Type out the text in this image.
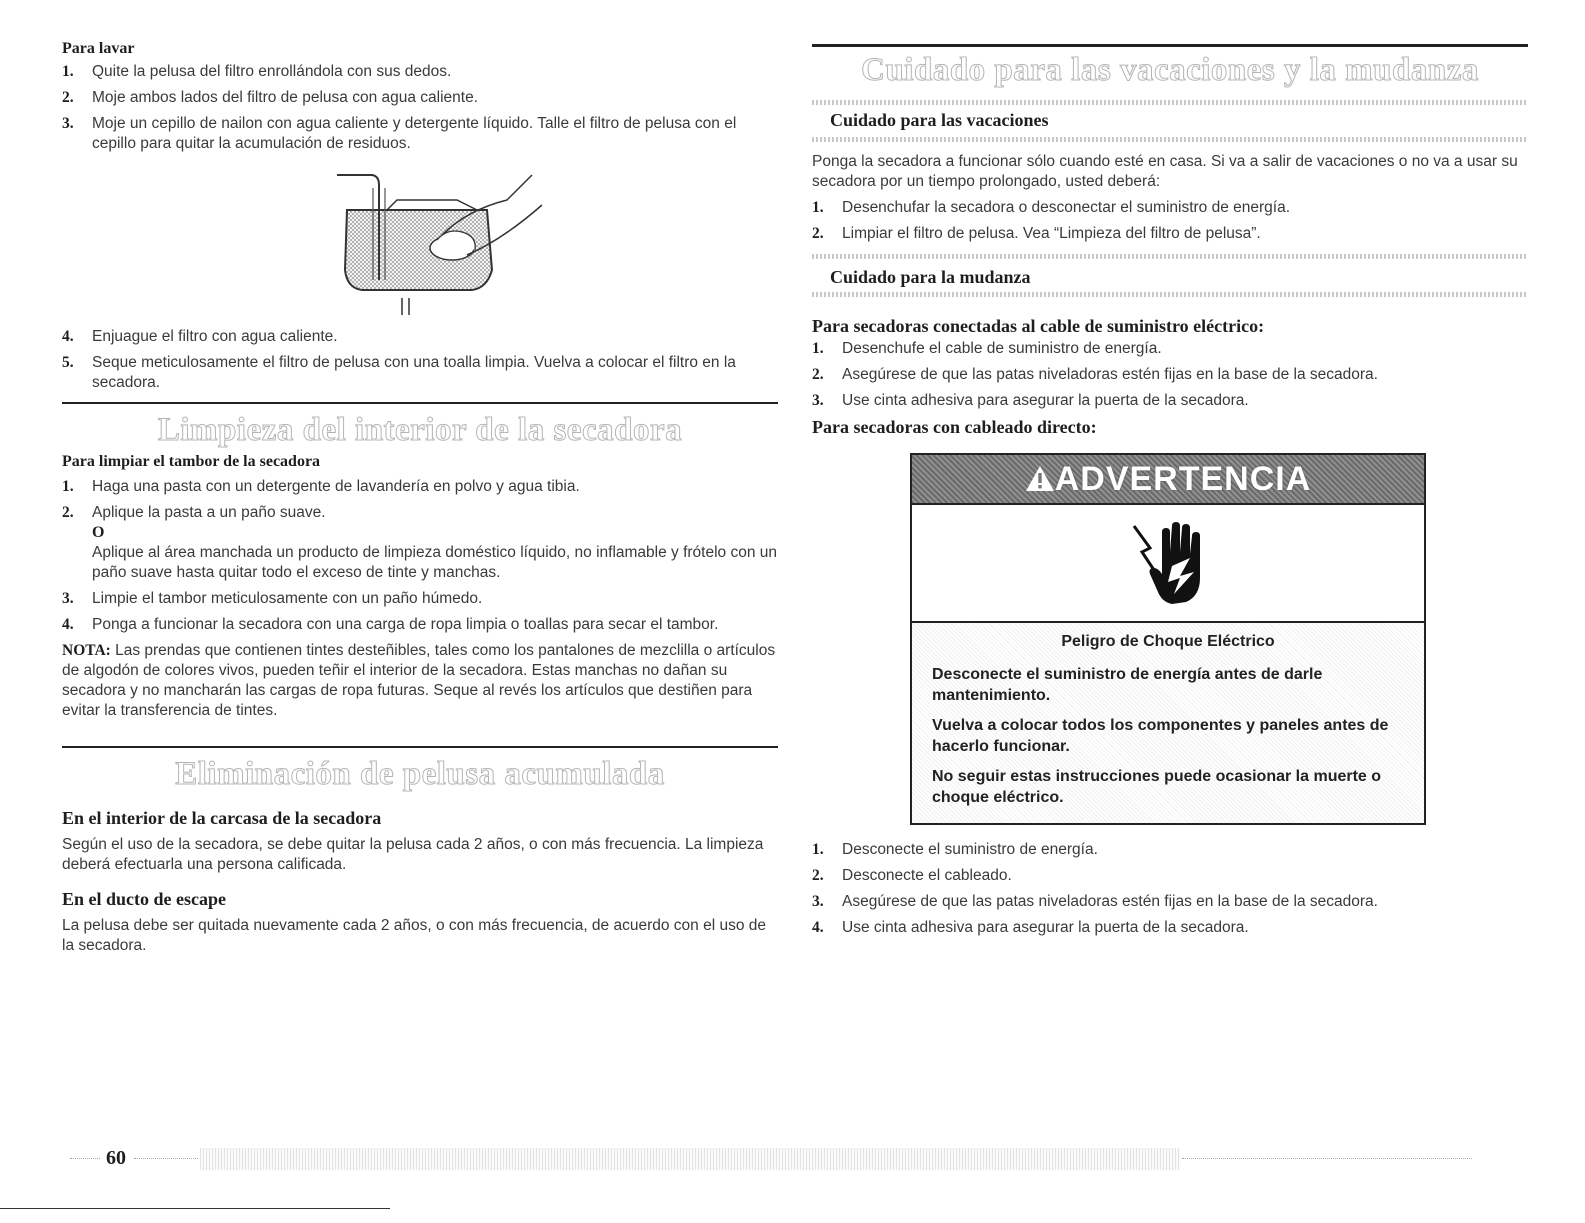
Para lavar

1. Quite la pelusa del filtro enrollándola con sus dedos.
2. Moje ambos lados del filtro de pelusa con agua caliente.
3. Moje un cepillo de nailon con agua caliente y detergente líquido. Talle el filtro de pelusa con el cepillo para quitar la acumulación de residuos.
4. Enjuague el filtro con agua caliente.
5. Seque meticulosamente el filtro de pelusa con una toalla limpia. Vuelva a colocar el filtro en la secadora.
Limpieza del interior de la secadora

Para limpiar el tambor de la secadora

1. Haga una pasta con un detergente de lavandería en polvo y agua tibia.
2. Aplique la pasta a un paño suave.
O
Aplique al área manchada un producto de limpieza doméstico líquido, no inflamable y frótelo con un paño suave hasta quitar todo el exceso de tinte y manchas.
3. Limpie el tambor meticulosamente con un paño húmedo.
4. Ponga a funcionar la secadora con una carga de ropa limpia o toallas para secar el tambor.

NOTA: Las prendas que contienen tintes desteñibles, tales como los pantalones de mezclilla o artículos de algodón de colores vivos, pueden teñir el interior de la secadora. Estas manchas no dañan su secadora y no mancharán las cargas de ropa futuras. Seque al revés los artículos que destiñen para evitar la transferencia de tintes.

Eliminación de pelusa acumulada

En el interior de la carcasa de la secadora

Según el uso de la secadora, se debe quitar la pelusa cada 2 años, o con más frecuencia. La limpieza deberá efectuarla una persona calificada.

En el ducto de escape

La pelusa debe ser quitada nuevamente cada 2 años, o con más frecuencia, de acuerdo con el uso de la secadora.

Cuidado para las vacaciones y la mudanza
Cuidado para las vacaciones

Ponga la secadora a funcionar sólo cuando esté en casa. Si va a salir de vacaciones o no va a usar su secadora por un tiempo prolongado, usted deberá:

1. Desenchufar la secadora o desconectar el suministro de energía.
2. Limpiar el filtro de pelusa. Vea “Limpieza del filtro de pelusa”.
Cuidado para la mudanza

Para secadoras conectadas al cable de suministro eléctrico:

1. Desenchufe el cable de suministro de energía.
2. Asegúrese de que las patas niveladoras estén fijas en la base de la secadora.
3. Use cinta adhesiva para asegurar la puerta de la secadora.

Para secadoras con cableado directo:

ADVERTENCIA

Peligro de Choque Eléctrico

Desconecte el suministro de energía antes de darle mantenimiento.

Vuelva a colocar todos los componentes y paneles antes de hacerlo funcionar.

No seguir estas instrucciones puede ocasionar la muerte o choque eléctrico.

1. Desconecte el suministro de energía.
2. Desconecte el cableado.
3. Asegúrese de que las patas niveladoras estén fijas en la base de la secadora.
4. Use cinta adhesiva para asegurar la puerta de la secadora.
60
